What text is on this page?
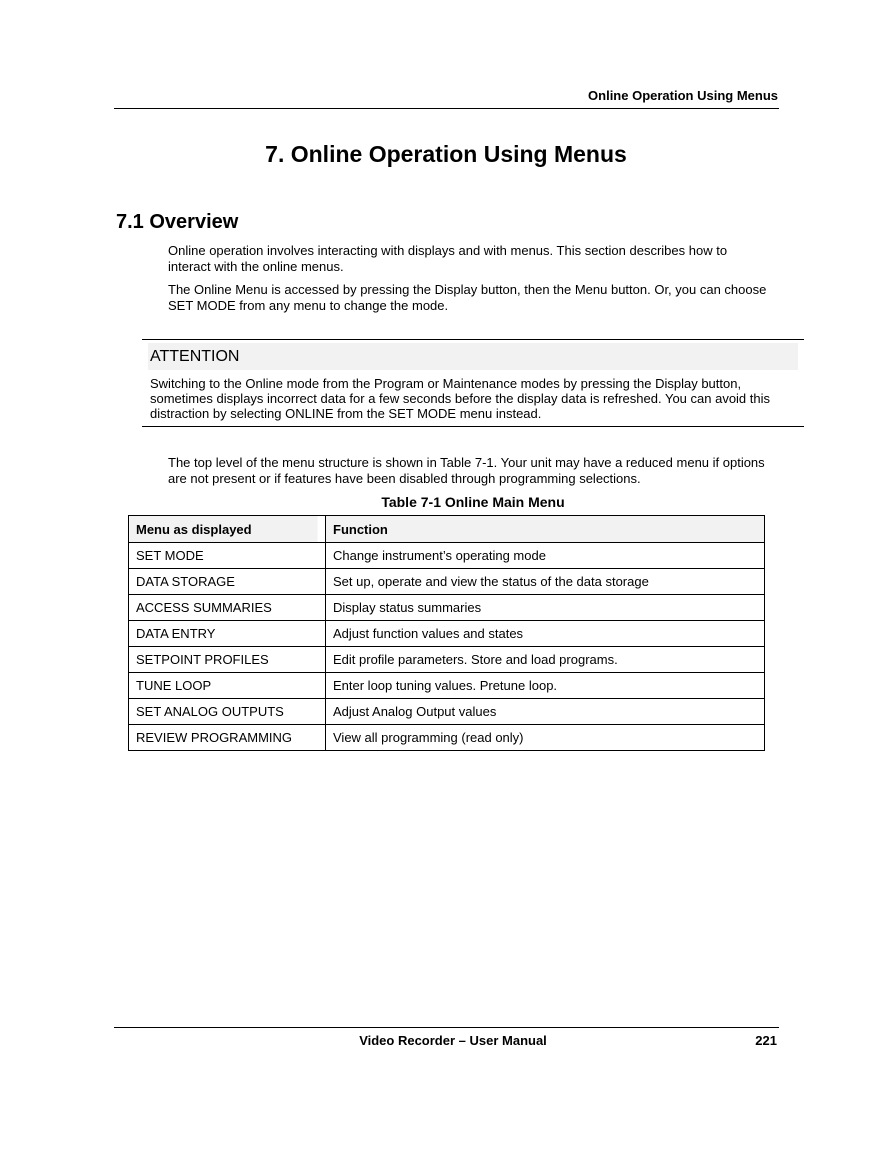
Online Operation Using Menus
7. Online Operation Using Menus
7.1 Overview

Online operation involves interacting with displays and with menus. This section describes how to interact with the online menus.

The Online Menu is accessed by pressing the Display button, then the Menu button. Or, you can choose SET MODE from any menu to change the mode.

ATTENTION

Switching to the Online mode from the Program or Maintenance modes by pressing the Display button, sometimes displays incorrect data for a few seconds before the display data is refreshed. You can avoid this distraction by selecting ONLINE from the SET MODE menu instead.

The top level of the menu structure is shown in Table 7-1. Your unit may have a reduced menu if options are not present or if features have been disabled through programming selections.

Table 7-1 Online Main Menu
Menu as displayed	Function
SET MODE	Change instrument’s operating mode
DATA STORAGE	Set up, operate and view the status of the data storage
ACCESS SUMMARIES	Display status summaries
DATA ENTRY	Adjust function values and states
SETPOINT PROFILES	Edit profile parameters. Store and load programs.
TUNE LOOP	Enter loop tuning values. Pretune loop.
SET ANALOG OUTPUTS	Adjust Analog Output values
REVIEW PROGRAMMING	View all programming (read only)
Video Recorder – User Manual	221
